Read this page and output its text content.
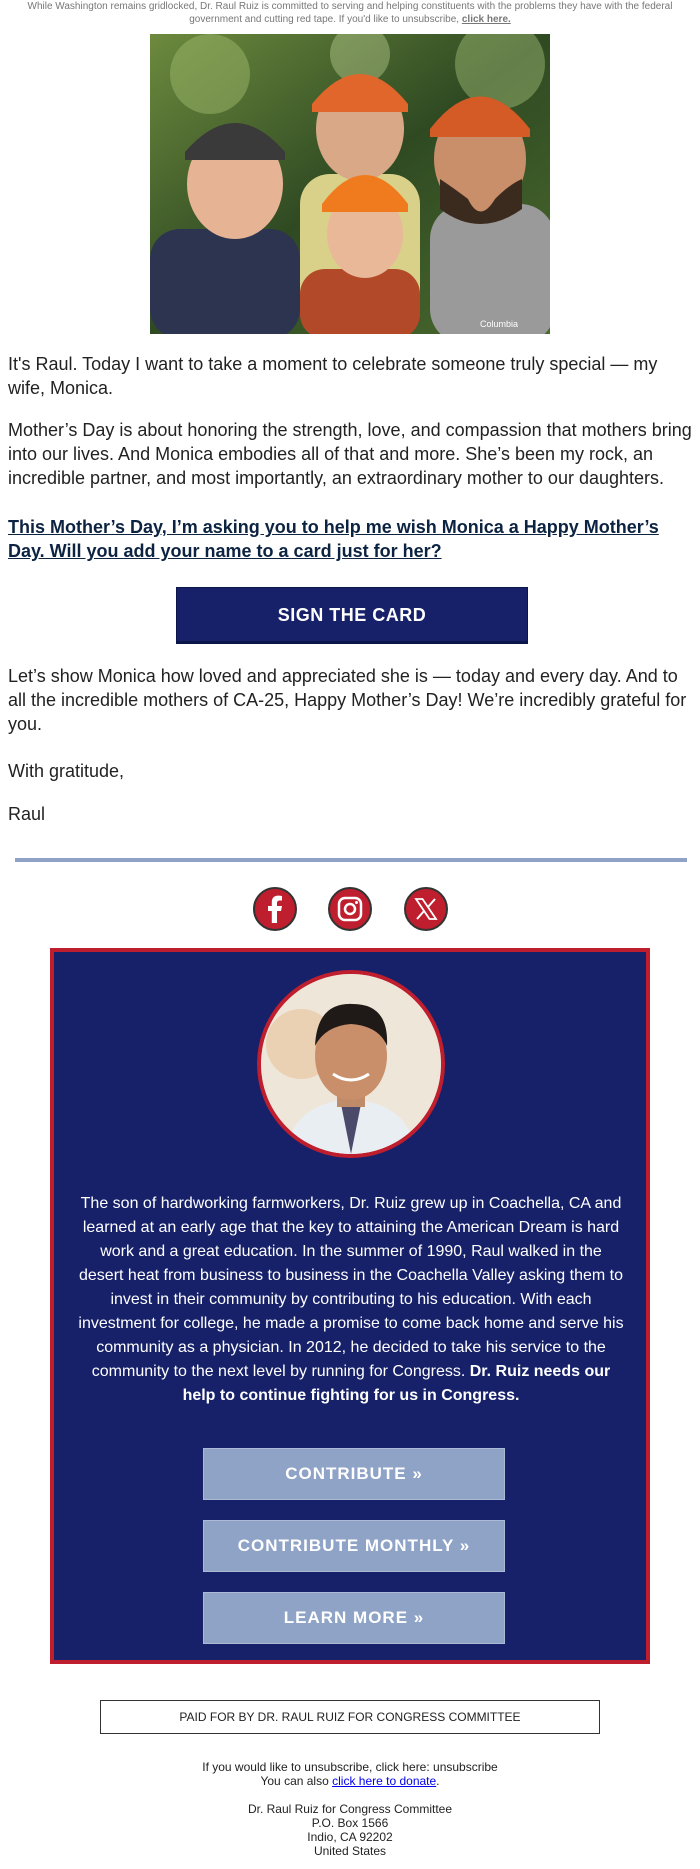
While Washington remains gridlocked, Dr. Raul Ruiz is committed to serving and helping constituents with the problems they have with the federal government and cutting red tape. If you'd like to unsubscribe, click here.
Columbia

It's Raul. Today I want to take a moment to celebrate someone truly special — my wife, Monica.

Mother’s Day is about honoring the strength, love, and compassion that mothers bring into our lives. And Monica embodies all of that and more. She’s been my rock, an incredible partner, and most importantly, an extraordinary mother to our daughters.

This Mother’s Day, I’m asking you to help me wish Monica a Happy Mother’s Day. Will you add your name to a card just for her?
SIGN THE CARD

Let’s show Monica how loved and appreciated she is — today and every day. And to all the incredible mothers of CA-25, Happy Mother’s Day! We’re incredibly grateful for you.

With gratitude,

Raul

The son of hardworking farmworkers, Dr. Ruiz grew up in Coachella, CA and learned at an early age that the key to attaining the American Dream is hard work and a great education. In the summer of 1990, Raul walked in the desert heat from business to business in the Coachella Valley asking them to invest in their community by contributing to his education. With each investment for college, he made a promise to come back home and serve his community as a physician. In 2012, he decided to take his service to the community to the next level by running for Congress. Dr. Ruiz needs our help to continue fighting for us in Congress.

CONTRIBUTE »
CONTRIBUTE MONTHLY »
LEARN MORE »
PAID FOR BY DR. RAUL RUIZ FOR CONGRESS COMMITTEE
If you would like to unsubscribe, click here: unsubscribe
You can also click here to donate.
Dr. Raul Ruiz for Congress Committee
P.O. Box 1566
Indio, CA 92202
United States
